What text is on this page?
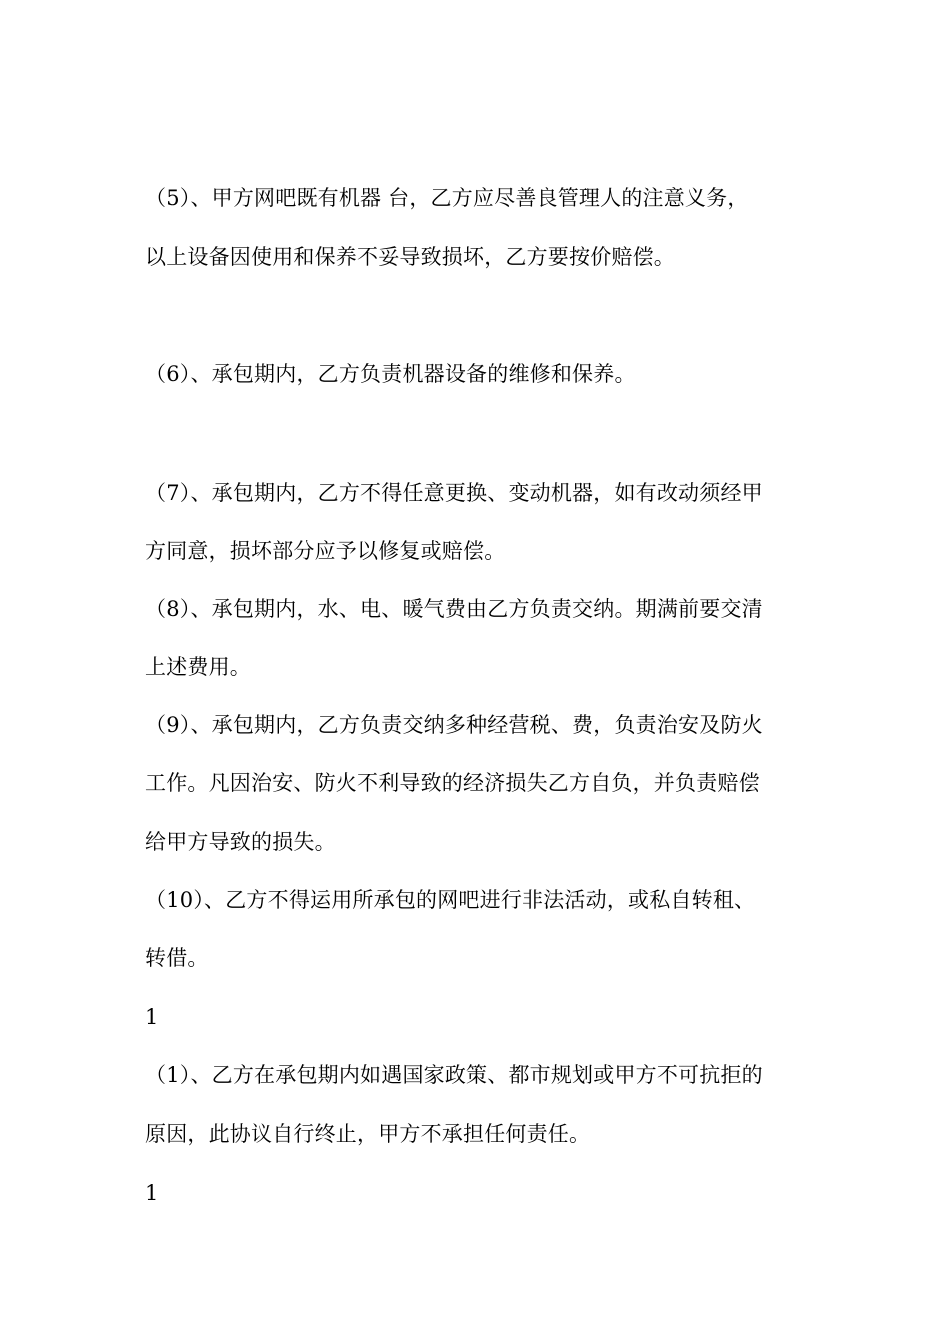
（5）、甲方网吧既有机器 台，乙方应尽善良管理人的注意义务，
以上设备因使用和保养不妥导致损坏，乙方要按价赔偿。
（6）、承包期内，乙方负责机器设备的维修和保养。
（7）、承包期内，乙方不得任意更换、变动机器，如有改动须经甲
方同意，损坏部分应予以修复或赔偿。
（8）、承包期内，水、电、暖气费由乙方负责交纳。期满前要交清
上述费用。
（9）、承包期内，乙方负责交纳多种经营税、费，负责治安及防火
工作。凡因治安、防火不利导致的经济损失乙方自负，并负责赔偿
给甲方导致的损失。
（10）、乙方不得运用所承包的网吧进行非法活动，或私自转租、
转借。
1
（1）、乙方在承包期内如遇国家政策、都市规划或甲方不可抗拒的
原因，此协议自行终止，甲方不承担任何责任。
1
